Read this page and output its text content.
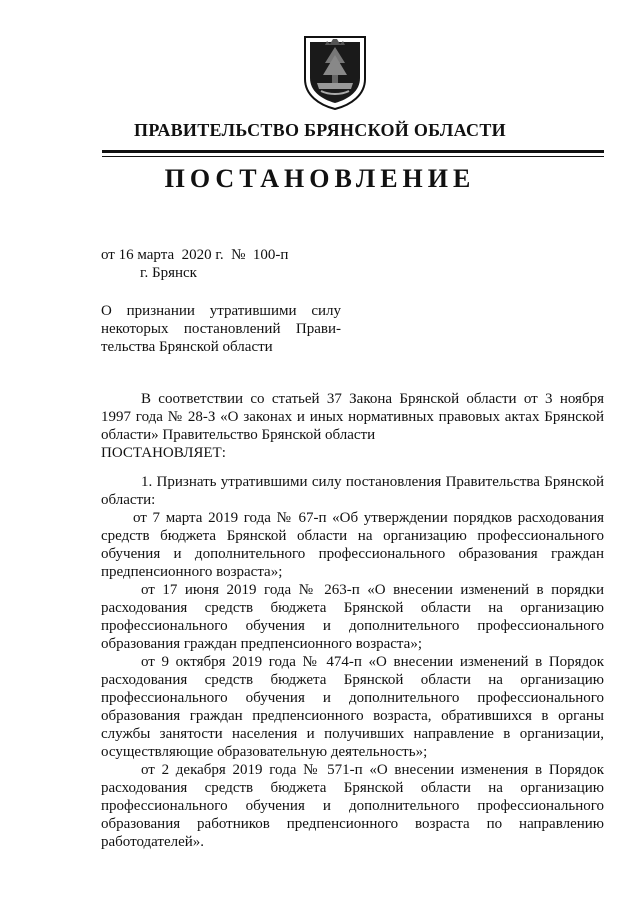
ПРАВИТЕЛЬСТВО БРЯНСКОЙ ОБЛАСТИ
ПОСТАНОВЛЕНИЕ
от 16 марта  2020 г.  №  100-п
г. Брянск
О признании утратившими силу
некоторых постановлений Прави-
тельства Брянской области
В соответствии со статьей 37 Закона Брянской области от 3 ноября
1997 года № 28-З «О законах и иных нормативных правовых актах Брянской
области» Правительство Брянской области
ПОСТАНОВЛЯЕТ:
1. Признать утратившими силу постановления Правительства Брянской
области:
от 7 марта 2019 года № 67-п «Об утверждении порядков расходования
средств бюджета Брянской области на организацию профессионального
обучения и дополнительного профессионального образования граждан
предпенсионного возраста»;
от 17 июня 2019 года № 263-п «О внесении изменений в порядки
расходования средств бюджета Брянской области на организацию
профессионального обучения и дополнительного профессионального
образования граждан предпенсионного возраста»;
от 9 октября 2019 года № 474-п «О внесении изменений в Порядок
расходования средств бюджета Брянской области на организацию
профессионального обучения и дополнительного профессионального
образования граждан предпенсионного возраста, обратившихся в органы
службы занятости населения и получивших направление в организации,
осуществляющие образовательную деятельность»;
от 2 декабря 2019 года № 571-п «О внесении изменения в Порядок
расходования средств бюджета Брянской области на организацию
профессионального обучения и дополнительного профессионального
образования работников предпенсионного возраста по направлению
работодателей».
